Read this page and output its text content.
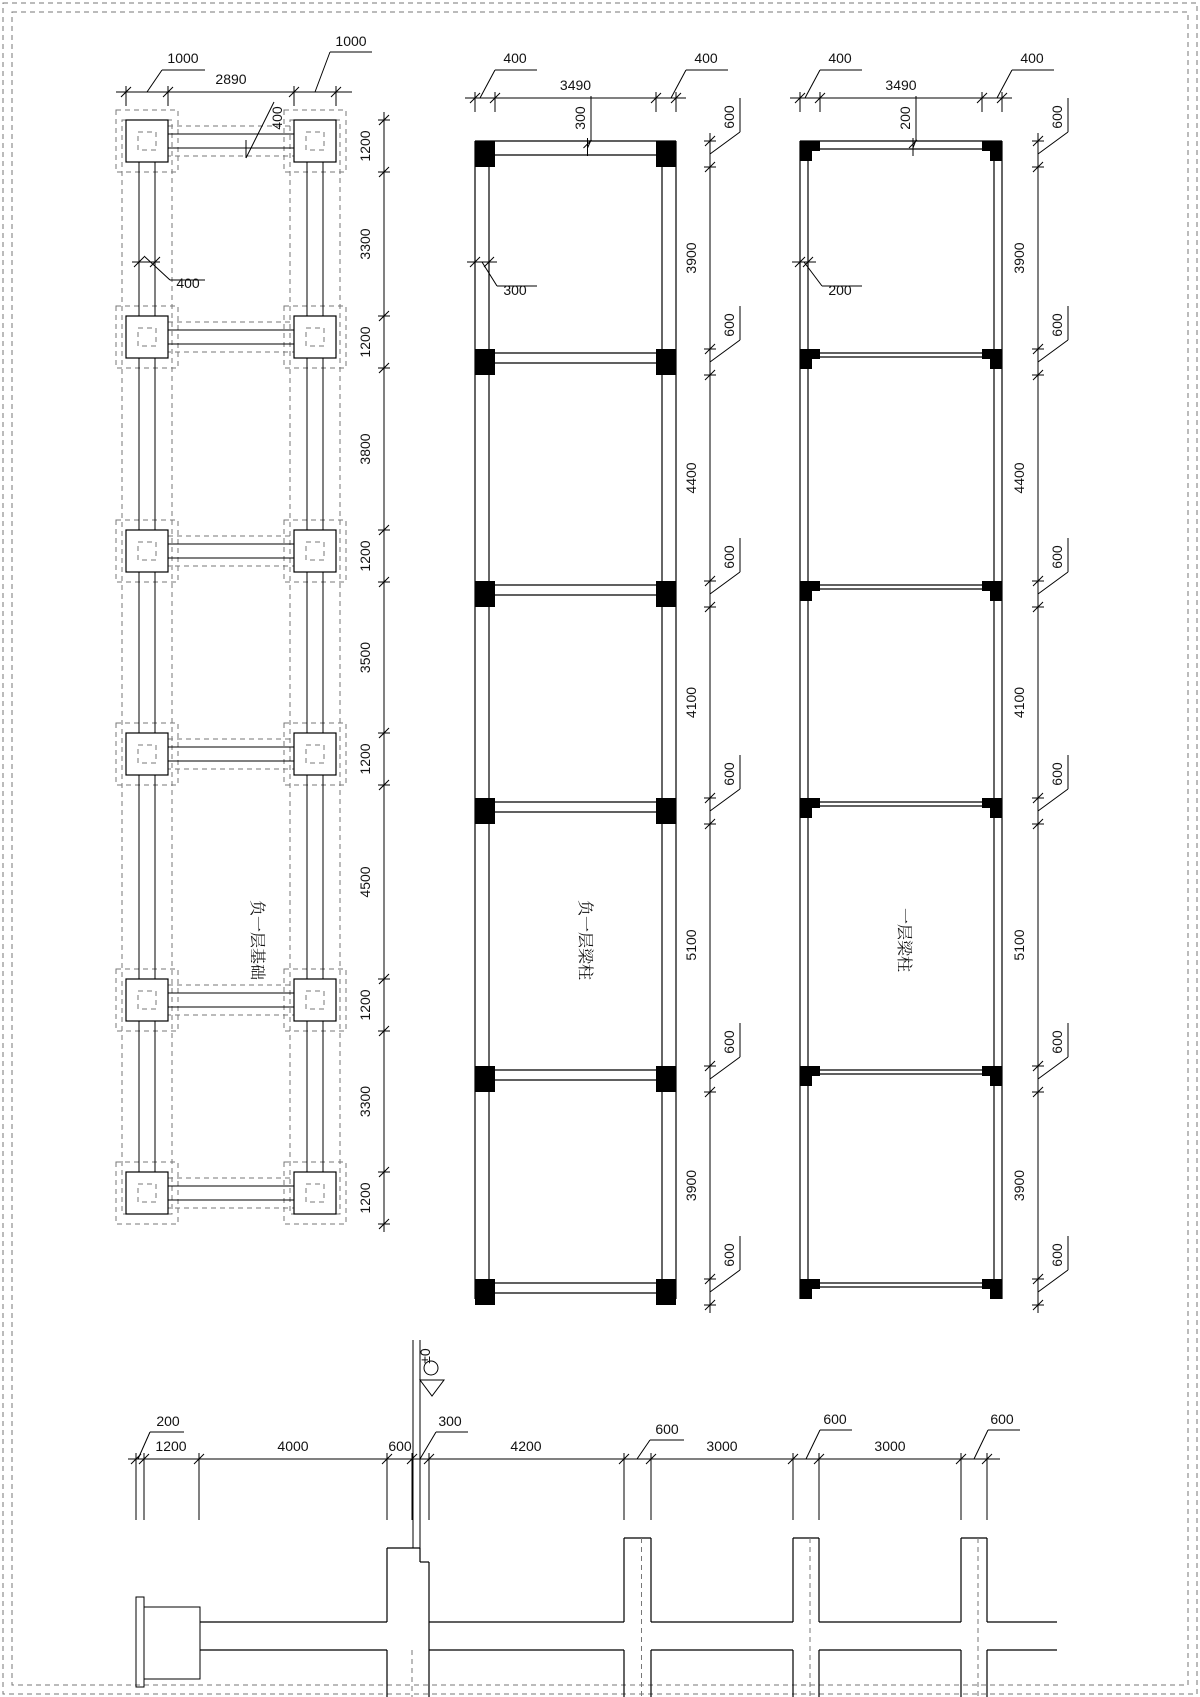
2890
1000
1000
400
400
1200
3300
1200
3800
1200
3500
1200
4500
1200
3300
1200
3490
400	400
300
300
600
3900
600
4400
600
4100
600
5100
600
3900
600
3490
400	400
200
200
600
3900
600
4400
600
4100
600
5100
600
3900
600
±0
200
1200	4000	600
300
4200
600
3000
600
3000
600
负一层基础	负一层梁柱	一层梁柱
